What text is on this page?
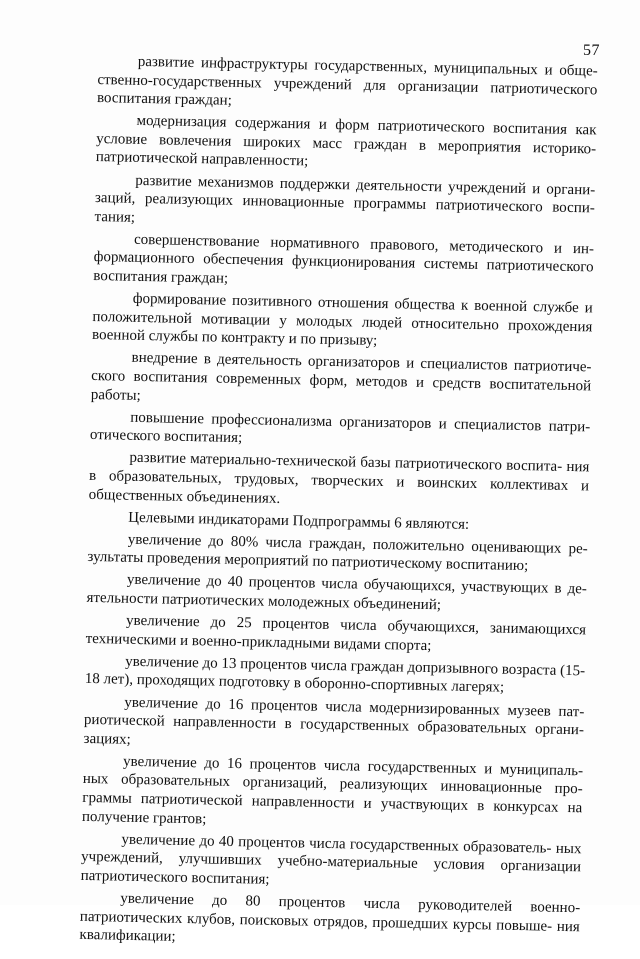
57

развитие инфраструктуры государственных, муниципальных и обще- ственно-государственных учреждений для организации патриотического воспитания граждан;

модернизация содержания и форм патриотического воспитания как условие вовлечения широких масс граждан в мероприятия историко- патриотической направленности;

развитие механизмов поддержки деятельности учреждений и органи- заций, реализующих инновационные программы патриотического воспи- тания;

совершенствование нормативного правового, методического и ин- формационного обеспечения функционирования системы патриотического воспитания граждан;

формирование позитивного отношения общества к военной службе и положительной мотивации у молодых людей относительно прохождения военной службы по контракту и по призыву;

внедрение в деятельность организаторов и специалистов патриотиче- ского воспитания современных форм, методов и средств воспитательной работы;

повышение профессионализма организаторов и специалистов патри- отического воспитания;

развитие материально-технической базы патриотического воспита- ния в образовательных, трудовых, творческих и воинских коллективах и общественных объединениях.

Целевыми индикаторами Подпрограммы 6 являются:

увеличение до 80% числа граждан, положительно оценивающих ре- зультаты проведения мероприятий по патриотическому воспитанию;

увеличение до 40 процентов числа обучающихся, участвующих в де- ятельности патриотических молодежных объединений;

увеличение до 25 процентов числа обучающихся, занимающихся техническими и военно-прикладными видами спорта;

увеличение до 13 процентов числа граждан допризывного возраста (15-18 лет), проходящих подготовку в оборонно-спортивных лагерях;

увеличение до 16 процентов числа модернизированных музеев пат- риотической направленности в государственных образовательных органи- зациях;

увеличение до 16 процентов числа государственных и муниципаль- ных образовательных организаций, реализующих инновационные про- граммы патриотической направленности и участвующих в конкурсах на получение грантов;

увеличение до 40 процентов числа государственных образователь- ных учреждений, улучшивших учебно-материальные условия организации патриотического воспитания;

увеличение до 80 процентов числа руководителей военно- патриотических клубов, поисковых отрядов, прошедших курсы повыше- ния квалификации;
